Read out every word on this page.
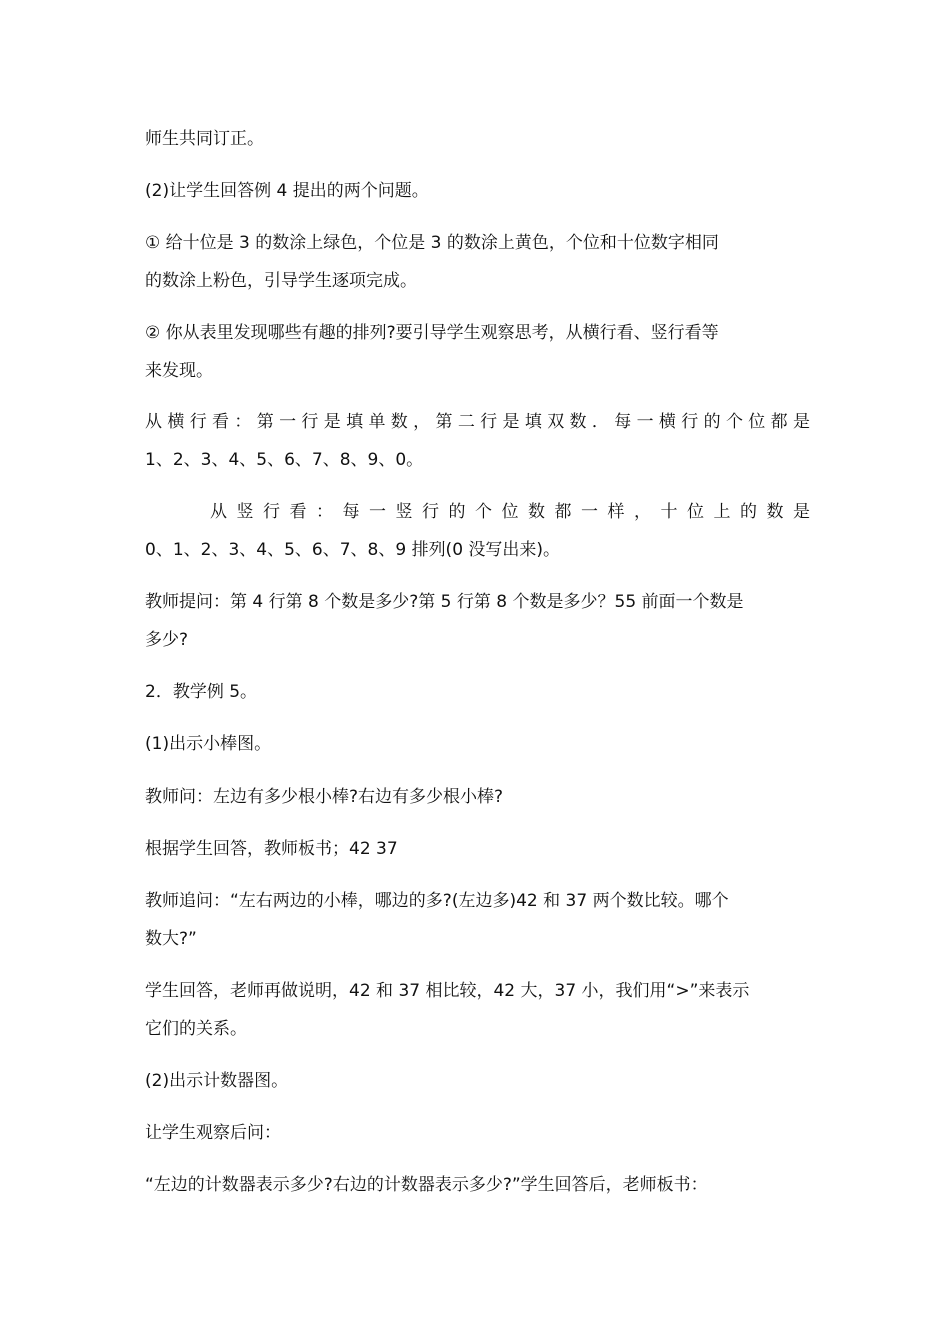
师生共同订正。
(2)让学生回答例 4 提出的两个问题。
① 给十位是 3 的数涂上绿色，个位是 3 的数涂上黄色，个位和十位数字相同
的数涂上粉色，引导学生逐项完成。
② 你从表里发现哪些有趣的排列?要引导学生观察思考，从横行看、竖行看等
来发现。
从横行看：第一行是填单数，第二行是填双数．每一横行的个位都是
1、2、3、4、5、6、7、8、9、0。
从竖行看：每一竖行的个位数都一样，十位上的数是
0、1、2、3、4、5、6、7、8、9 排列(0 没写出来)。
教师提问：第 4 行第 8 个数是多少?第 5 行第 8 个数是多少？55 前面一个数是
多少?
2．教学例 5。
(1)出示小棒图。
教师问：左边有多少根小棒?右边有多少根小棒?
根据学生回答，教师板书；42 37
教师追问：“左右两边的小棒，哪边的多?(左边多)42 和 37 两个数比较。哪个
数大?”
学生回答，老师再做说明，42 和 37 相比较，42 大，37 小，我们用“>”来表示
它们的关系。
(2)出示计数器图。
让学生观察后问：
“左边的计数器表示多少?右边的计数器表示多少?”学生回答后，老师板书：
